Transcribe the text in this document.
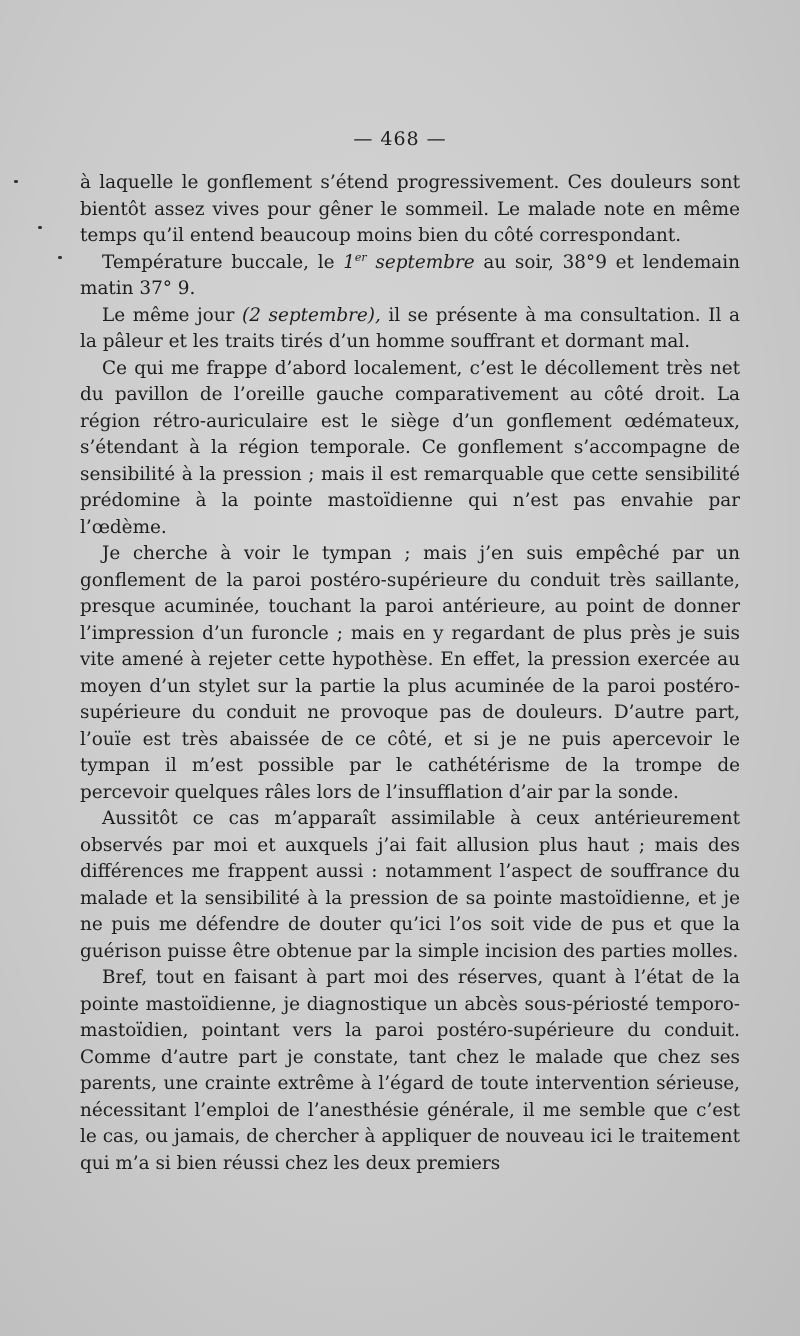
— 468 —

à laquelle le gonflement s’étend progressivement. Ces douleurs sont bientôt assez vives pour gêner le sommeil. Le malade note en même temps qu’il entend beaucoup moins bien du côté correspondant.

Température buccale, le 1er septembre au soir, 38°9 et lendemain matin 37° 9.

Le même jour (2 septembre), il se présente à ma consultation. Il a la pâleur et les traits tirés d’un homme souffrant et dormant mal.

Ce qui me frappe d’abord localement, c’est le décollement très net du pavillon de l’oreille gauche comparativement au côté droit. La région rétro-auriculaire est le siège d’un gonflement œdémateux, s’étendant à la région temporale. Ce gonflement s’accompagne de sensibilité à la pression ; mais il est remarquable que cette sensibilité prédomine à la pointe mastoïdienne qui n’est pas envahie par l’œdème.

Je cherche à voir le tympan ; mais j’en suis empêché par un gonflement de la paroi postéro-supérieure du conduit très saillante, presque acuminée, touchant la paroi antérieure, au point de donner l’impression d’un furoncle ; mais en y regardant de plus près je suis vite amené à rejeter cette hypothèse. En effet, la pression exercée au moyen d’un stylet sur la partie la plus acuminée de la paroi postéro-supérieure du conduit ne provoque pas de douleurs. D’autre part, l’ouïe est très abaissée de ce côté, et si je ne puis apercevoir le tympan il m’est possible par le cathétérisme de la trompe de percevoir quelques râles lors de l’insufflation d’air par la sonde.

Aussitôt ce cas m’apparaît assimilable à ceux antérieurement observés par moi et auxquels j’ai fait allusion plus haut ; mais des différences me frappent aussi : notamment l’aspect de souffrance du malade et la sensibilité à la pression de sa pointe mastoïdienne, et je ne puis me défendre de douter qu’ici l’os soit vide de pus et que la guérison puisse être obtenue par la simple incision des parties molles.

Bref, tout en faisant à part moi des réserves, quant à l’état de la pointe mastoïdienne, je diagnostique un abcès sous-périosté temporo-mastoïdien, pointant vers la paroi postéro-supérieure du conduit. Comme d’autre part je constate, tant chez le malade que chez ses parents, une crainte extrême à l’égard de toute intervention sérieuse, nécessitant l’emploi de l’anesthésie générale, il me semble que c’est le cas, ou jamais, de chercher à appliquer de nouveau ici le traitement qui m’a si bien réussi chez les deux premiers
